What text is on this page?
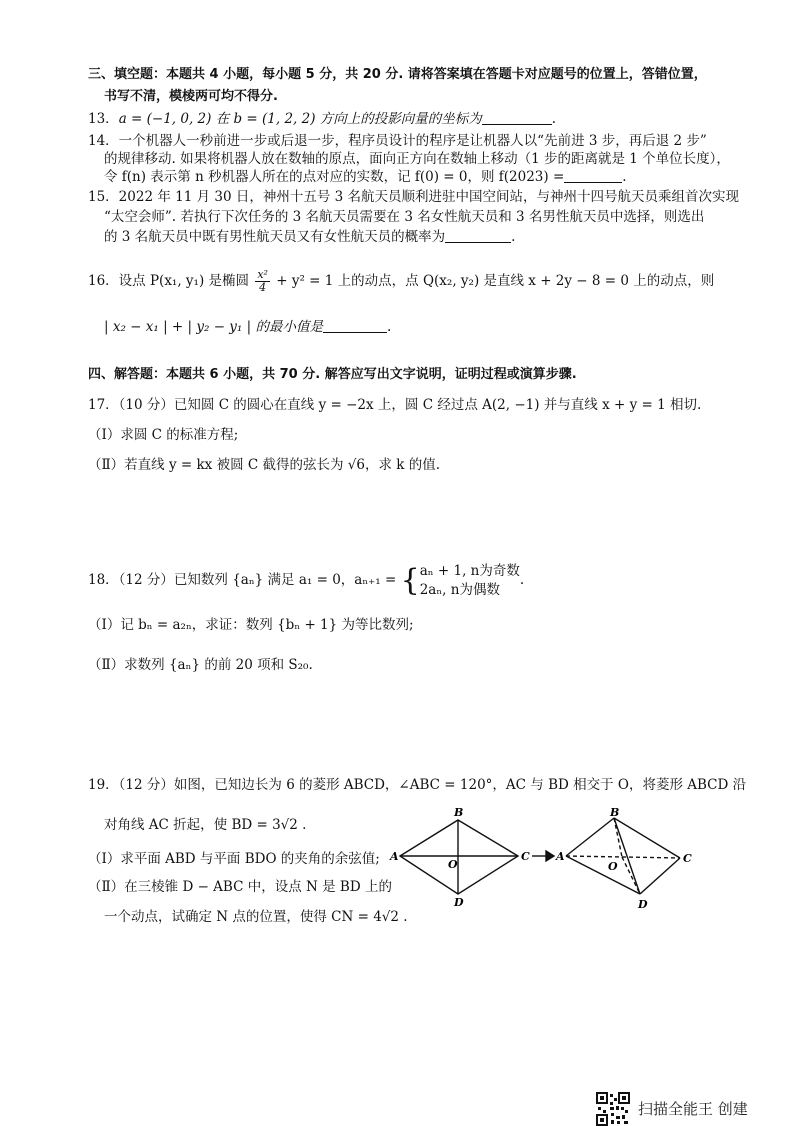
三、填空题：本题共 4 小题，每小题 5 分，共 20 分. 请将答案填在答题卡对应题号的位置上，答错位置，
书写不清，模棱两可均不得分.
13．a = (−1, 0, 2) 在 b = (1, 2, 2) 方向上的投影向量的坐标为	.
14．一个机器人一秒前进一步或后退一步，程序员设计的程序是让机器人以“先前进 3 步，再后退 2 步”
的规律移动. 如果将机器人放在数轴的原点，面向正方向在数轴上移动（1 步的距离就是 1 个单位长度），
令 f(n) 表示第 n 秒机器人所在的点对应的实数，记 f(0) = 0，则 f(2023) =	.
15．2022 年 11 月 30 日，神州十五号 3 名航天员顺利进驻中国空间站，与神州十四号航天员乘组首次实现
“太空会师”. 若执行下次任务的 3 名航天员需要在 3 名女性航天员和 3 名男性航天员中选择，则选出
的 3 名航天员中既有男性航天员又有女性航天员的概率为	.
16．设点 P(x₁, y₁) 是椭圆 $\frac{\text{x²}}{4} + y^2 = 1$ 上的动点，点 Q(x₂, y₂) 是直线 x + 2y − 8 = 0 上的动点，则
| x₂ − x₁ | + | y₂ − y₁ | 的最小值是	.
四、解答题：本题共 6 小题，共 70 分. 解答应写出文字说明，证明过程或演算步骤.
17．（10 分）已知圆 C 的圆心在直线 y = −2x 上，圆 C 经过点 A(2, −1) 并与直线 x + y = 1 相切.
（Ⅰ）求圆 C 的标准方程;
（Ⅱ）若直线 y = kx 被圆 C 截得的弦长为 √6，求 k 的值.
18．（12 分）已知数列 {aₙ} 满足 a₁ = 0，aₙ₊₁ = { aₙ + 1, n为奇数
2aₙ, n为偶数
.
（Ⅰ）记 bₙ = a₂ₙ，求证：数列 {bₙ + 1} 为等比数列;
（Ⅱ）求数列 {aₙ} 的前 20 项和 S₂₀.
19．（12 分）如图，已知边长为 6 的菱形 ABCD，∠ABC = 120°，AC 与 BD 相交于 O，将菱形 ABCD 沿
对角线 AC 折起，使 BD = 3√2 .
（Ⅰ）求平面 ABD 与平面 BDO 的夹角的余弦值;
（Ⅱ）在三棱锥 D − ABC 中，设点 N 是 BD 上的
一个动点，试确定 N 点的位置，使得 CN = 4√2 .
A
B
C
D
O
A
B
C
D
O
扫描全能王 创建
